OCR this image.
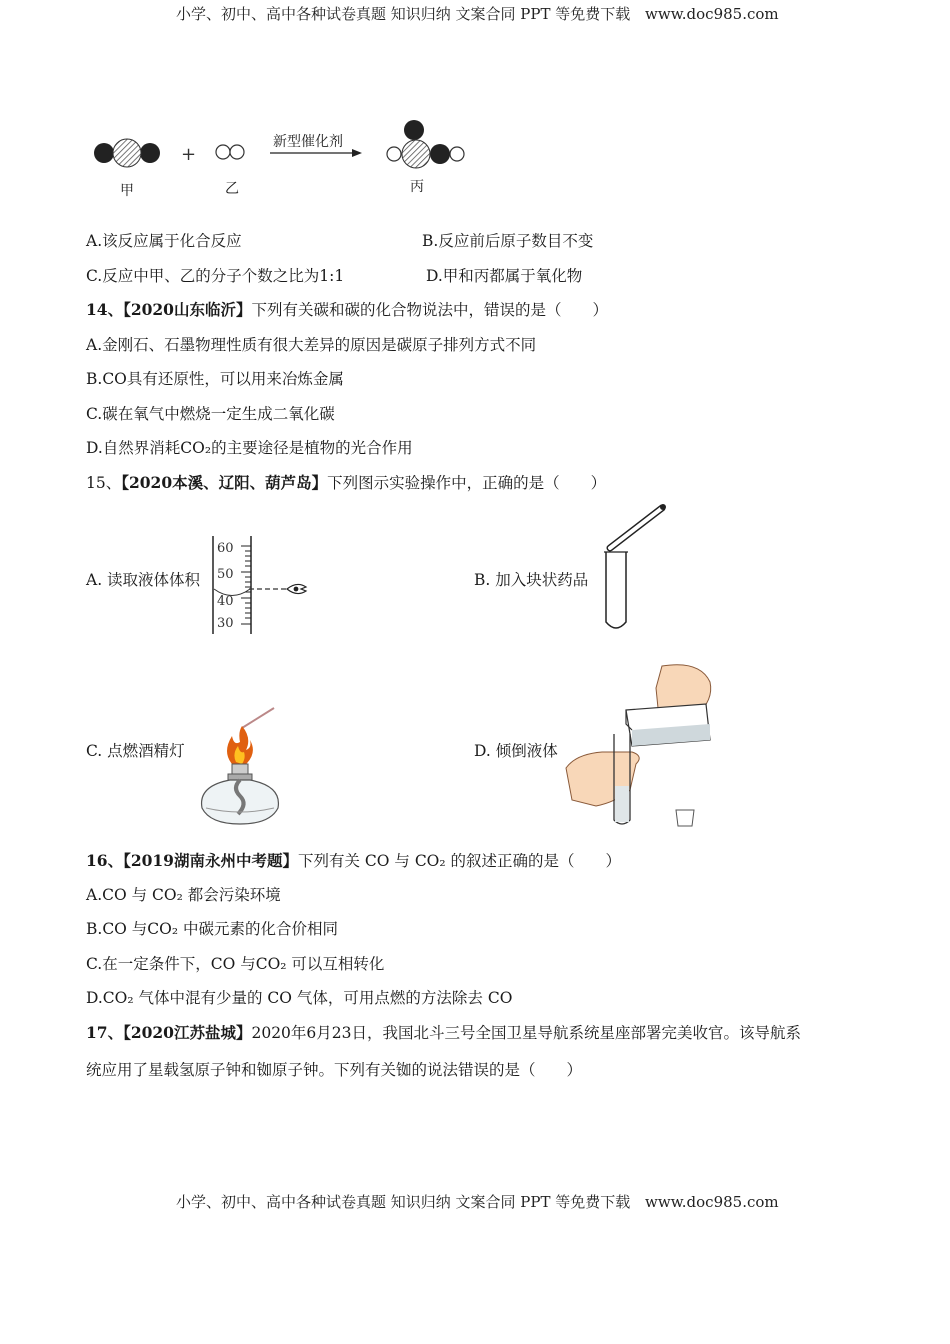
小学、初中、高中各种试卷真题 知识归纳 文案合同 PPT 等免费下载 www.doc985.com
+
新型催化剂
甲	乙	丙
A.该反应属于化合反应	B.反应前后原子数目不变
C.反应中甲、乙的分子个数之比为1:1	D.甲和丙都属于氧化物
14、【2020山东临沂】下列有关碳和碳的化合物说法中，错误的是（　　）
A.金刚石、石墨物理性质有很大差异的原因是碳原子排列方式不同
B.CO具有还原性，可以用来冶炼金属
C.碳在氧气中燃烧一定生成二氧化碳
D.自然界消耗CO₂的主要途径是植物的光合作用
15、【2020本溪、辽阳、葫芦岛】下列图示实验操作中，正确的是（　　）
A. 读取液体体积	B. 加入块状药品
C. 点燃酒精灯	D. 倾倒液体
60
50
40
30
16、【2019湖南永州中考题】下列有关 CO 与 CO₂ 的叙述正确的是（　　）
A.CO 与 CO₂ 都会污染环境
B.CO 与CO₂ 中碳元素的化合价相同
C.在一定条件下，CO 与CO₂ 可以互相转化
D.CO₂ 气体中混有少量的 CO 气体，可用点燃的方法除去 CO
17、【2020江苏盐城】2020年6月23日，我国北斗三号全国卫星导航系统星座部署完美收官。该导航系
统应用了星载氢原子钟和铷原子钟。下列有关铷的说法错误的是（　　）
小学、初中、高中各种试卷真题 知识归纳 文案合同 PPT 等免费下载 www.doc985.com
